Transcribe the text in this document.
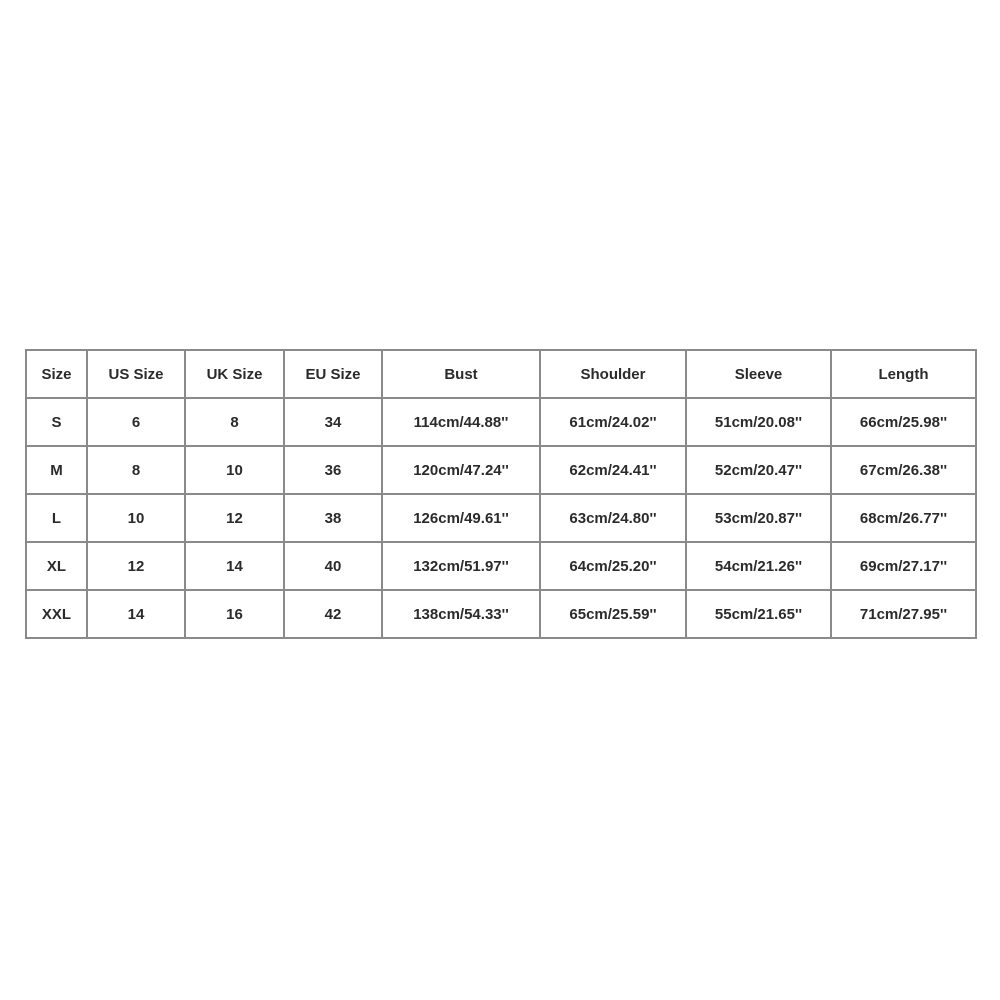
Size	US Size	UK Size	EU Size	Bust	Shoulder	Sleeve	Length
S	6	8	34	114cm/44.88''	61cm/24.02''	51cm/20.08''	66cm/25.98''
M	8	10	36	120cm/47.24''	62cm/24.41''	52cm/20.47''	67cm/26.38''
L	10	12	38	126cm/49.61''	63cm/24.80''	53cm/20.87''	68cm/26.77''
XL	12	14	40	132cm/51.97''	64cm/25.20''	54cm/21.26''	69cm/27.17''
XXL	14	16	42	138cm/54.33''	65cm/25.59''	55cm/21.65''	71cm/27.95''
